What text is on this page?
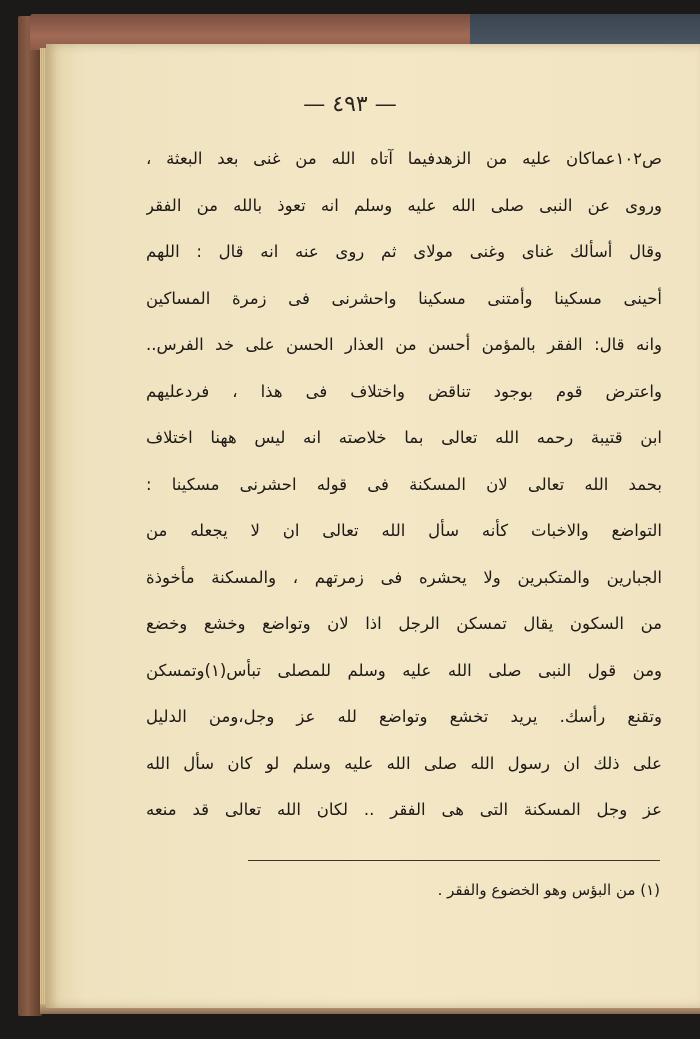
— ٤٩٣ —
ص١٠٢عماكان عليه من الزهدفيما آتاه الله من غنى بعد البعثة ،
وروى عن النبى صلى الله عليه وسلم انه تعوذ بالله من الفقر
وقال أسألك غناى وغنى مولاى ثم روى عنه انه قال : اللهم
أحينى مسكينا وأمتنى مسكينا واحشرنى فى زمرة المساكين
وانه قال: الفقر بالمؤمن أحسن من العذار الحسن على خد الفرس..
واعترض قوم بوجود تناقض واختلاف فى هذا ، فردعليهم
ابن قتيبة رحمه الله تعالى بما خلاصته انه ليس ههنا اختلاف
بحمد الله تعالى لان المسكنة فى قوله احشرنى مسكينا :
التواضع والاخبات كأنه سأل الله تعالى ان لا يجعله من
الجبارين والمتكبرين ولا يحشره فى زمرتهم ، والمسكنة مأخوذة
من السكون يقال تمسكن الرجل اذا لان وتواضع وخشع وخضع
ومن قول النبى صلى الله عليه وسلم للمصلى تبأس(١)وتمسكن
وتقنع رأسك. يريد تخشع وتواضع لله عز وجل،ومن الدليل
على ذلك ان رسول الله صلى الله عليه وسلم لو كان سأل الله
عز وجل المسكنة التى هى الفقر .. لكان الله تعالى قد منعه
(١) من البؤس وهو الخضوع والفقر .
